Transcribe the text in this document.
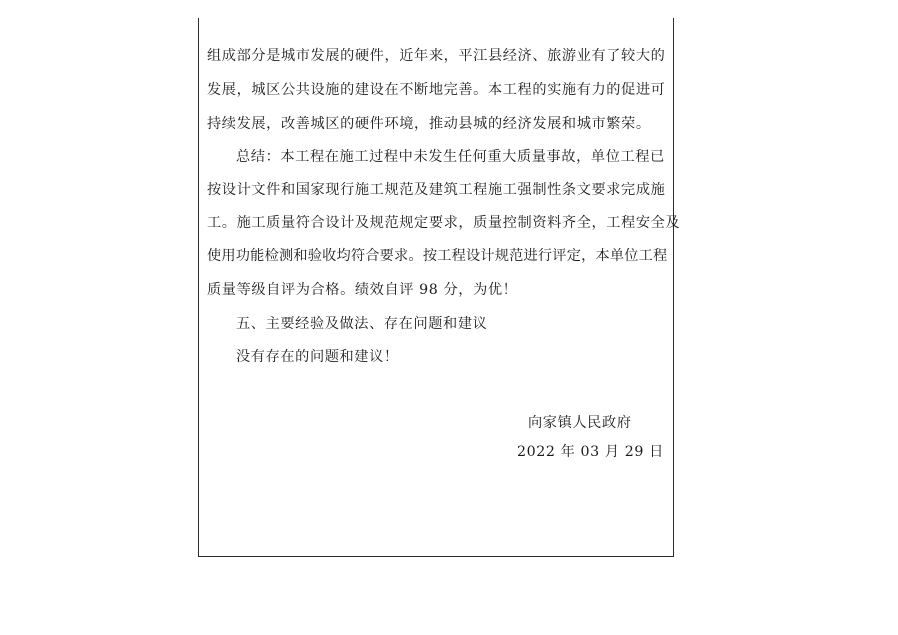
组成部分是城市发展的硬件，近年来，平江县经济、旅游业有了较大的
发展，城区公共设施的建设在不断地完善。本工程的实施有力的促进可
持续发展，改善城区的硬件环境，推动县城的经济发展和城市繁荣。
总结：本工程在施工过程中未发生任何重大质量事故，单位工程已
按设计文件和国家现行施工规范及建筑工程施工强制性条文要求完成施
工。施工质量符合设计及规范规定要求，质量控制资料齐全，工程安全及
使用功能检测和验收均符合要求。按工程设计规范进行评定，本单位工程
质量等级自评为合格。绩效自评 98 分，为优！
五、主要经验及做法、存在问题和建议
没有存在的问题和建议！
向家镇人民政府
2022 年 03 月 29 日
